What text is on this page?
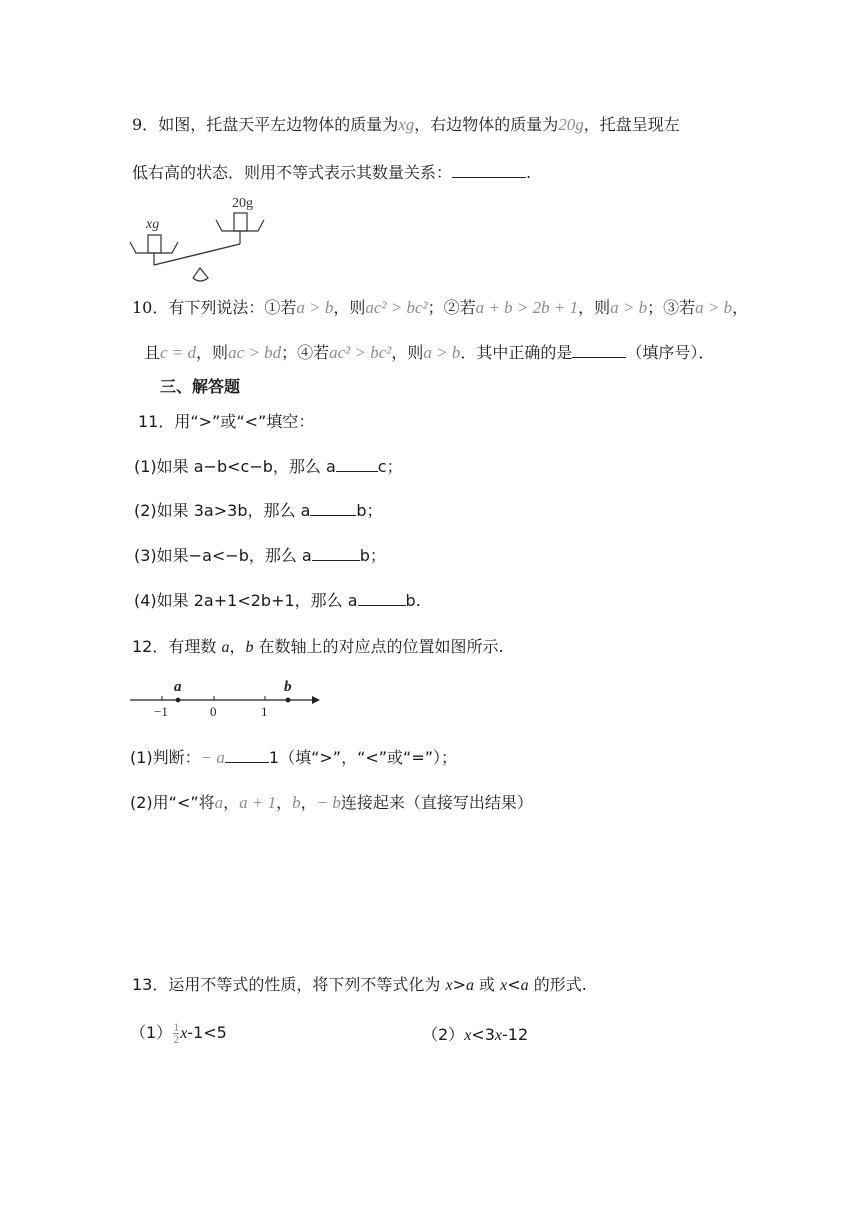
9．如图，托盘天平左边物体的质量为xg，右边物体的质量为20g，托盘呈现左
低右高的状态．则用不等式表示其数量关系：	.
xg
20g
10．有下列说法：①若a > b，则ac² > bc²；②若a + b > 2b + 1，则a > b；③若a > b，
且c = d，则ac > bd；④若ac² > bc²，则a > b．其中正确的是	（填序号）．
三、解答题
11．用“>”或“<”填空：
(1)如果 a−b<c−b，那么 a	c；
(2)如果 3a>3b，那么 a	b；
(3)如果−a<−b，那么 a	b；
(4)如果 2a+1<2b+1，那么 a	b.
12．有理数 a，b 在数轴上的对应点的位置如图所示.
−1	0	1
a	b
(1)判断：− a	1（填“>”，“<”或“=”）；
(2)用“<”将a，a + 1，b，− b连接起来（直接写出结果）
13．运用不等式的性质，将下列不等式化为 x>a 或 x<a 的形式.
$(1) \frac{1}{2} x-1<5$	（2）x<3x-12
